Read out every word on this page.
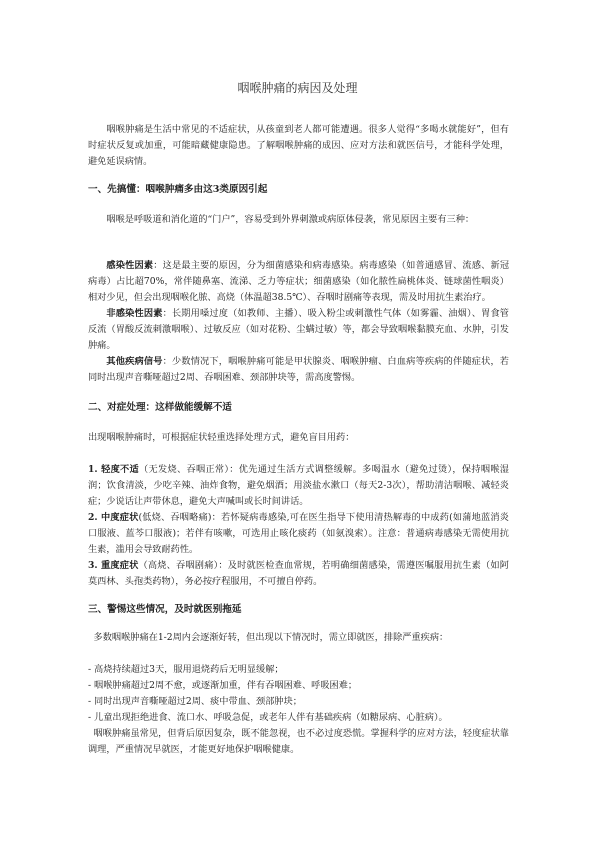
咽喉肿痛的病因及处理

咽喉肿痛是生活中常见的不适症状，从孩童到老人都可能遭遇。很多人觉得“多喝水就能好”，但有时症状反复或加重，可能暗藏健康隐患。了解咽喉肿痛的成因、应对方法和就医信号，才能科学处理，避免延误病情。

一、先搞懂：咽喉肿痛多由这3类原因引起

咽喉是呼吸道和消化道的“门户”，容易受到外界刺激或病原体侵袭，常见原因主要有三种：

感染性因素：这是最主要的原因，分为细菌感染和病毒感染。病毒感染（如普通感冒、流感、新冠病毒）占比超70%，常伴随鼻塞、流涕、乏力等症状；细菌感染（如化脓性扁桃体炎、链球菌性咽炎）相对少见，但会出现咽喉化脓、高烧（体温超38.5℃）、吞咽时剧痛等表现，需及时用抗生素治疗。

非感染性因素：长期用嗓过度（如教师、主播）、吸入粉尘或刺激性气体（如雾霾、油烟）、胃食管反流（胃酸反流刺激咽喉）、过敏反应（如对花粉、尘螨过敏）等，都会导致咽喉黏膜充血、水肿，引发肿痛。

其他疾病信号：少数情况下，咽喉肿痛可能是甲状腺炎、咽喉肿瘤、白血病等疾病的伴随症状，若同时出现声音嘶哑超过2周、吞咽困难、颈部肿块等，需高度警惕。

二、对症处理：这样做能缓解不适

出现咽喉肿痛时，可根据症状轻重选择处理方式，避免盲目用药：

1. 轻度不适（无发烧、吞咽正常）：优先通过生活方式调整缓解。多喝温水（避免过烫），保持咽喉湿润；饮食清淡，少吃辛辣、油炸食物，避免烟酒；用淡盐水漱口（每天2-3次），帮助清洁咽喉、减轻炎症；少说话让声带休息，避免大声喊叫或长时间讲话。

2. 中度症状(低烧、吞咽略痛)：若怀疑病毒感染,可在医生指导下使用清热解毒的中成药(如蒲地蓝消炎口服液、蓝芩口服液)；若伴有咳嗽，可选用止咳化痰药（如氨溴索）。注意：普通病毒感染无需使用抗生素，滥用会导致耐药性。

3. 重度症状（高烧、吞咽剧痛）：及时就医检查血常规，若明确细菌感染，需遵医嘱服用抗生素（如阿莫西林、头孢类药物），务必按疗程服用，不可擅自停药。

三、警惕这些情况，及时就医别拖延

多数咽喉肿痛在1-2周内会逐渐好转，但出现以下情况时，需立即就医，排除严重疾病：

- 高烧持续超过3天，服用退烧药后无明显缓解；

- 咽喉肿痛超过2周不愈，或逐渐加重，伴有吞咽困难、呼吸困难；

- 同时出现声音嘶哑超过2周、痰中带血、颈部肿块；

- 儿童出现拒绝进食、流口水、呼吸急促，或老年人伴有基础疾病（如糖尿病、心脏病）。

咽喉肿痛虽常见，但背后原因复杂，既不能忽视，也不必过度恐慌。掌握科学的应对方法，轻度症状靠调理，严重情况早就医，才能更好地保护咽喉健康。
